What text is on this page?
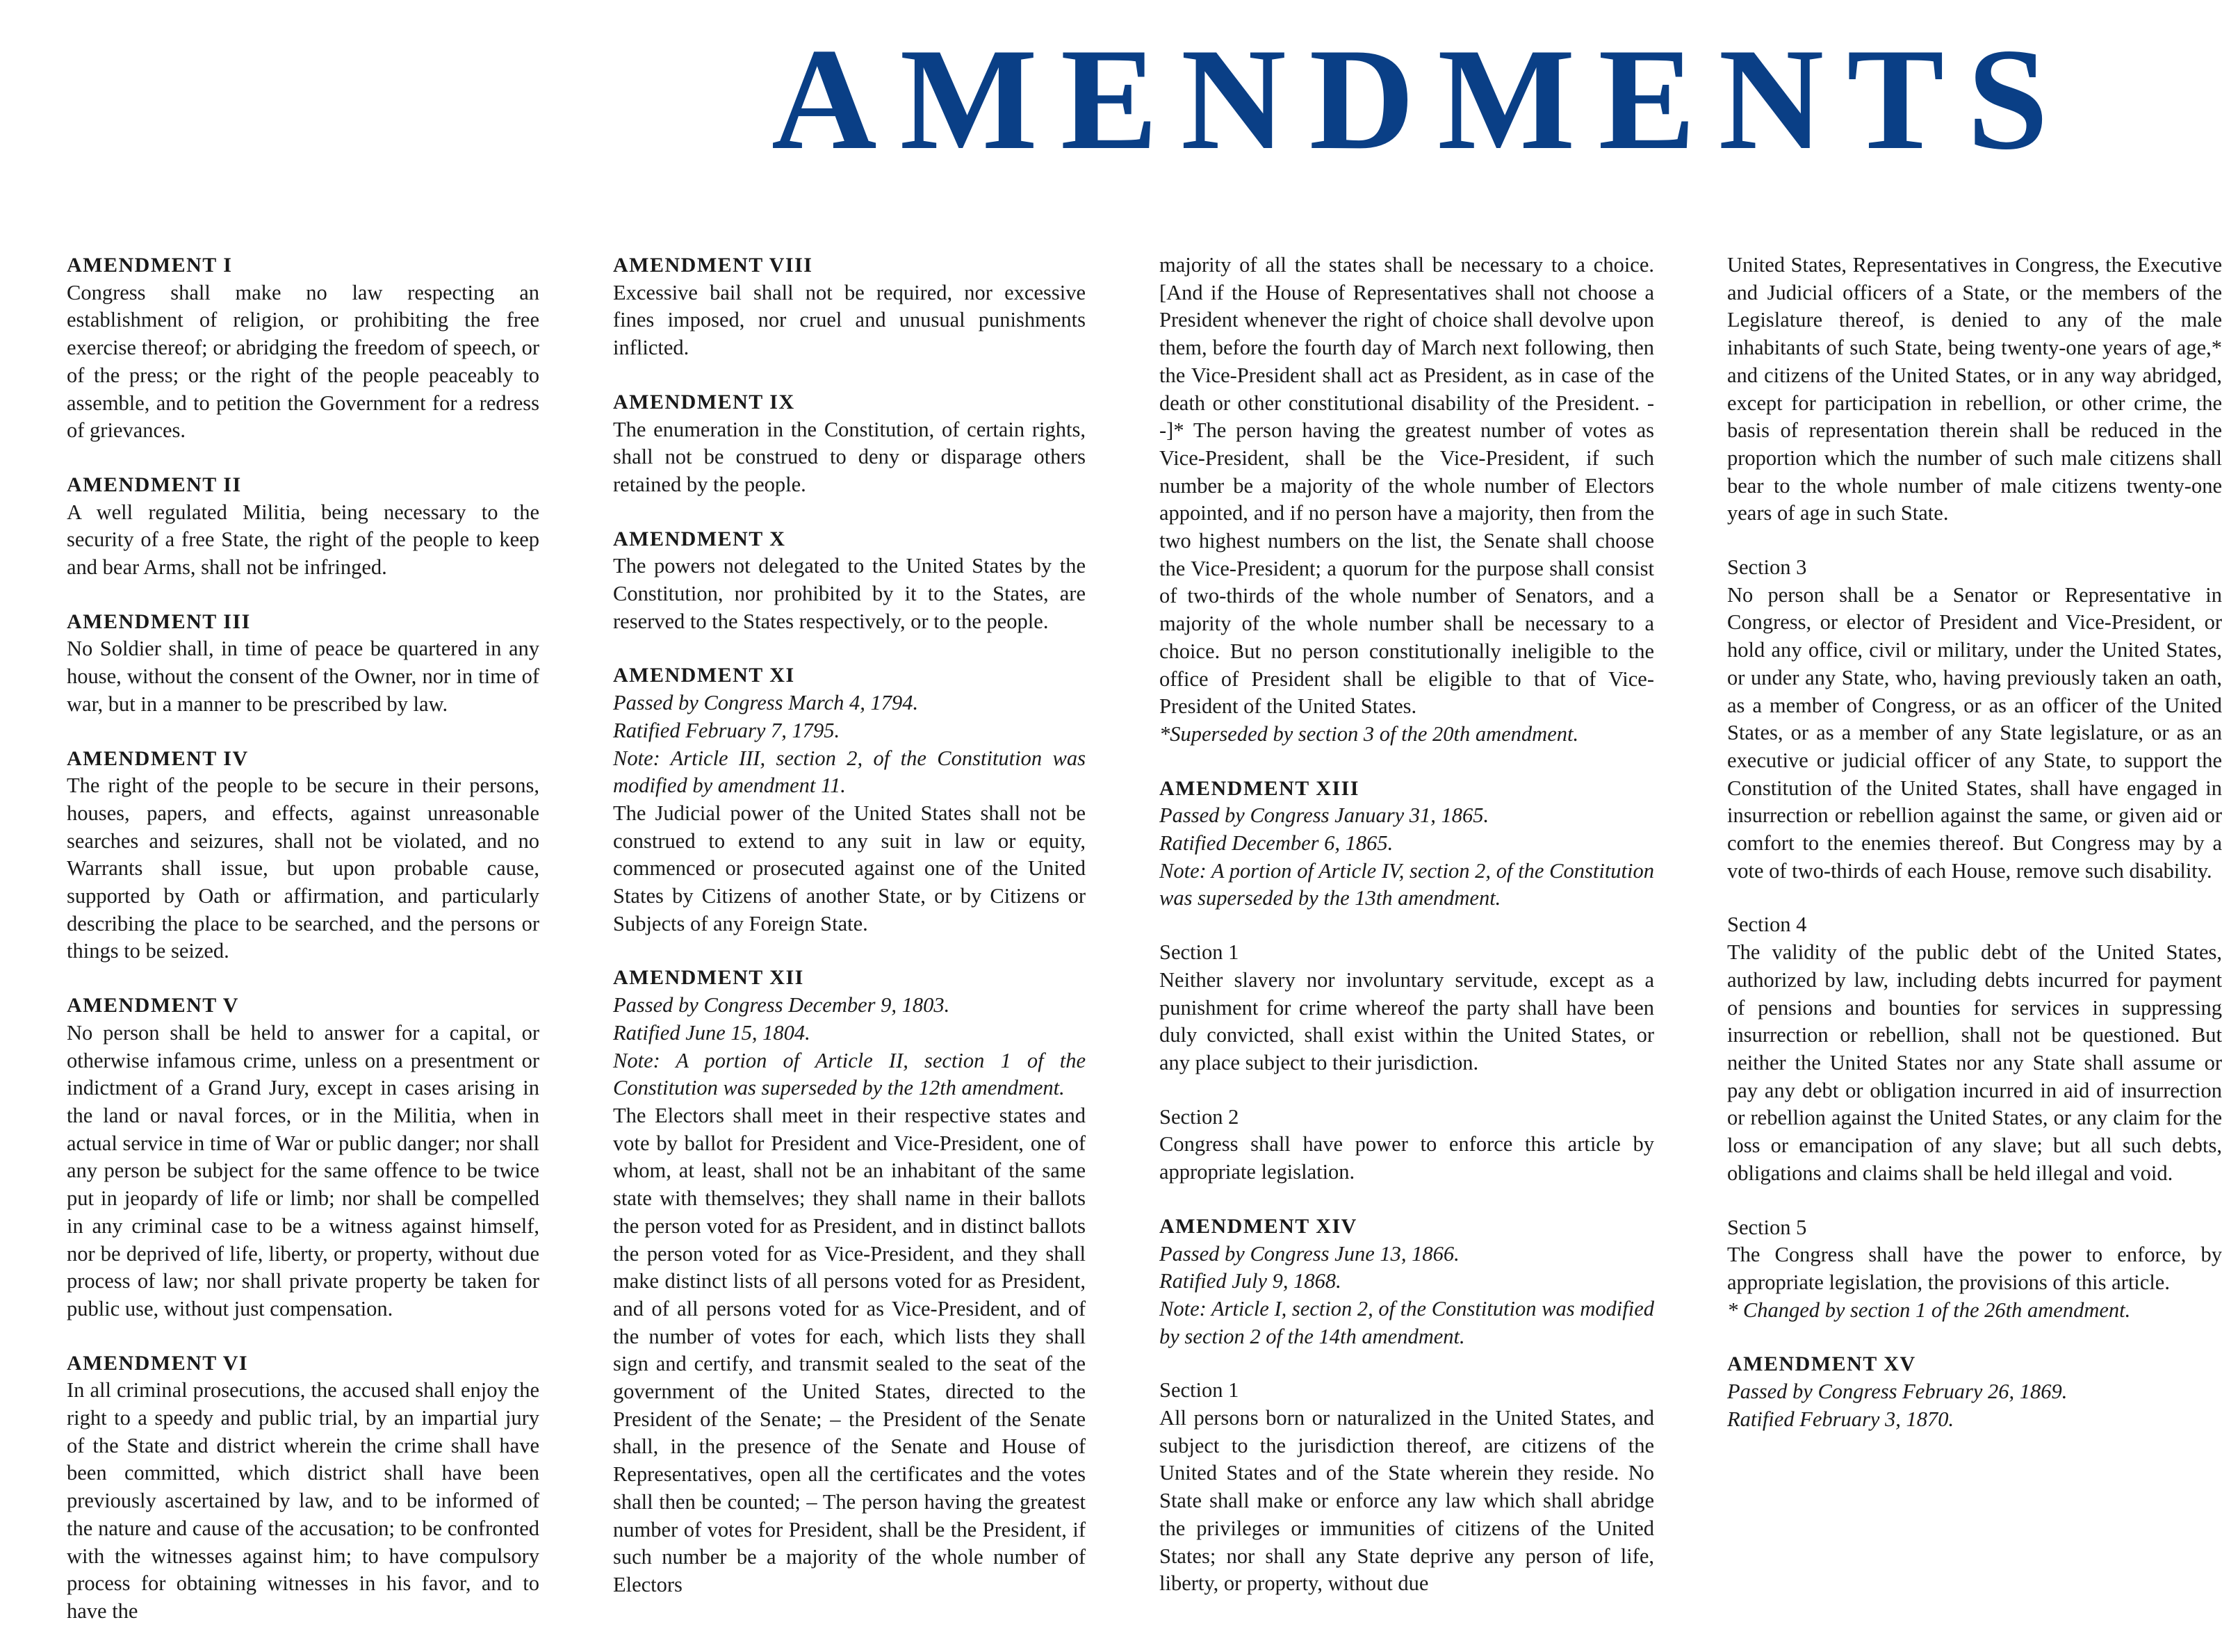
AMENDMENTS
AMENDMENT I

Congress shall make no law respecting an establishment of religion, or prohibiting the free exercise thereof; or abridging the freedom of speech, or of the press; or the right of the people peaceably to assemble, and to petition the Government for a redress of grievances.

AMENDMENT II

A well regulated Militia, being necessary to the security of a free State, the right of the people to keep and bear Arms, shall not be infringed.

AMENDMENT III

No Soldier shall, in time of peace be quartered in any house, without the consent of the Owner, nor in time of war, but in a manner to be prescribed by law.

AMENDMENT IV

The right of the people to be secure in their persons, houses, papers, and effects, against unreasonable searches and seizures, shall not be violated, and no Warrants shall issue, but upon probable cause, supported by Oath or affirmation, and particularly describing the place to be searched, and the persons or things to be seized.

AMENDMENT V

No person shall be held to answer for a capital, or otherwise infamous crime, unless on a presentment or indictment of a Grand Jury, except in cases arising in the land or naval forces, or in the Militia, when in actual service in time of War or public danger; nor shall any person be subject for the same offence to be twice put in jeopardy of life or limb; nor shall be compelled in any criminal case to be a witness against himself, nor be deprived of life, liberty, or property, without due process of law; nor shall private property be taken for public use, without just compensation.

AMENDMENT VI

In all criminal prosecutions, the accused shall enjoy the right to a speedy and public trial, by an impartial jury of the State and district wherein the crime shall have been committed, which district shall have been previously ascertained by law, and to be informed of the nature and cause of the accusation; to be confronted with the witnesses against him; to have compulsory process for obtaining witnesses in his favor, and to have the

AMENDMENT VIII

Excessive bail shall not be required, nor excessive fines imposed, nor cruel and unusual punishments inflicted.

AMENDMENT IX

The enumeration in the Constitution, of certain rights, shall not be construed to deny or disparage others retained by the people.

AMENDMENT X

The powers not delegated to the United States by the Constitution, nor prohibited by it to the States, are reserved to the States respectively, or to the people.

AMENDMENT XI

Passed by Congress March 4, 1794.

Ratified February 7, 1795.

Note: Article III, section 2, of the Constitution was modified by amendment 11.

The Judicial power of the United States shall not be construed to extend to any suit in law or equity, commenced or prosecuted against one of the United States by Citizens of another State, or by Citizens or Subjects of any Foreign State.

AMENDMENT XII

Passed by Congress December 9, 1803.

Ratified June 15, 1804.

Note: A portion of Article II, section 1 of the Constitution was superseded by the 12th amendment.

The Electors shall meet in their respective states and vote by ballot for President and Vice-President, one of whom, at least, shall not be an inhabitant of the same state with themselves; they shall name in their ballots the person voted for as President, and in distinct ballots the person voted for as Vice-President, and they shall make distinct lists of all persons voted for as President, and of all persons voted for as Vice-President, and of the number of votes for each, which lists they shall sign and certify, and transmit sealed to the seat of the government of the United States, directed to the President of the Senate; – the President of the Senate shall, in the presence of the Senate and House of Representatives, open all the certificates and the votes shall then be counted; – The person having the greatest number of votes for President, shall be the President, if such number be a majority of the whole number of Electors

majority of all the states shall be necessary to a choice. [And if the House of Representatives shall not choose a President whenever the right of choice shall devolve upon them, before the fourth day of March next following, then the Vice-President shall act as President, as in case of the death or other constitutional disability of the President. --]* The person having the greatest number of votes as Vice-President, shall be the Vice-President, if such number be a majority of the whole number of Electors appointed, and if no person have a majority, then from the two highest numbers on the list, the Senate shall choose the Vice-President; a quorum for the purpose shall consist of two-thirds of the whole number of Senators, and a majority of the whole number shall be necessary to a choice. But no person constitutionally ineligible to the office of President shall be eligible to that of Vice-President of the United States.

*Superseded by section 3 of the 20th amendment.

AMENDMENT XIII

Passed by Congress January 31, 1865.

Ratified December 6, 1865.

Note: A portion of Article IV, section 2, of the Constitution was superseded by the 13th amendment.

Section 1

Neither slavery nor involuntary servitude, except as a punishment for crime whereof the party shall have been duly convicted, shall exist within the United States, or any place subject to their jurisdiction.

Section 2

Congress shall have power to enforce this article by appropriate legislation.

AMENDMENT XIV

Passed by Congress June 13, 1866.

Ratified July 9, 1868.

Note: Article I, section 2, of the Constitution was modified by section 2 of the 14th amendment.

Section 1

All persons born or naturalized in the United States, and subject to the jurisdiction thereof, are citizens of the United States and of the State wherein they reside. No State shall make or enforce any law which shall abridge the privileges or immunities of citizens of the United States; nor shall any State deprive any person of life, liberty, or property, without due

United States, Representatives in Congress, the Executive and Judicial officers of a State, or the members of the Legislature thereof, is denied to any of the male inhabitants of such State, being twenty-one years of age,* and citizens of the United States, or in any way abridged, except for participation in rebellion, or other crime, the basis of representation therein shall be reduced in the proportion which the number of such male citizens shall bear to the whole number of male citizens twenty-one years of age in such State.

Section 3

No person shall be a Senator or Representative in Congress, or elector of President and Vice-President, or hold any office, civil or military, under the United States, or under any State, who, having previously taken an oath, as a member of Congress, or as an officer of the United States, or as a member of any State legislature, or as an executive or judicial officer of any State, to support the Constitution of the United States, shall have engaged in insurrection or rebellion against the same, or given aid or comfort to the enemies thereof. But Congress may by a vote of two-thirds of each House, remove such disability.

Section 4

The validity of the public debt of the United States, authorized by law, including debts incurred for payment of pensions and bounties for services in suppressing insurrection or rebellion, shall not be questioned. But neither the United States nor any State shall assume or pay any debt or obligation incurred in aid of insurrection or rebellion against the United States, or any claim for the loss or emancipation of any slave; but all such debts, obligations and claims shall be held illegal and void.

Section 5

The Congress shall have the power to enforce, by appropriate legislation, the provisions of this article.

* Changed by section 1 of the 26th amendment.

AMENDMENT XV

Passed by Congress February 26, 1869.

Ratified February 3, 1870.
